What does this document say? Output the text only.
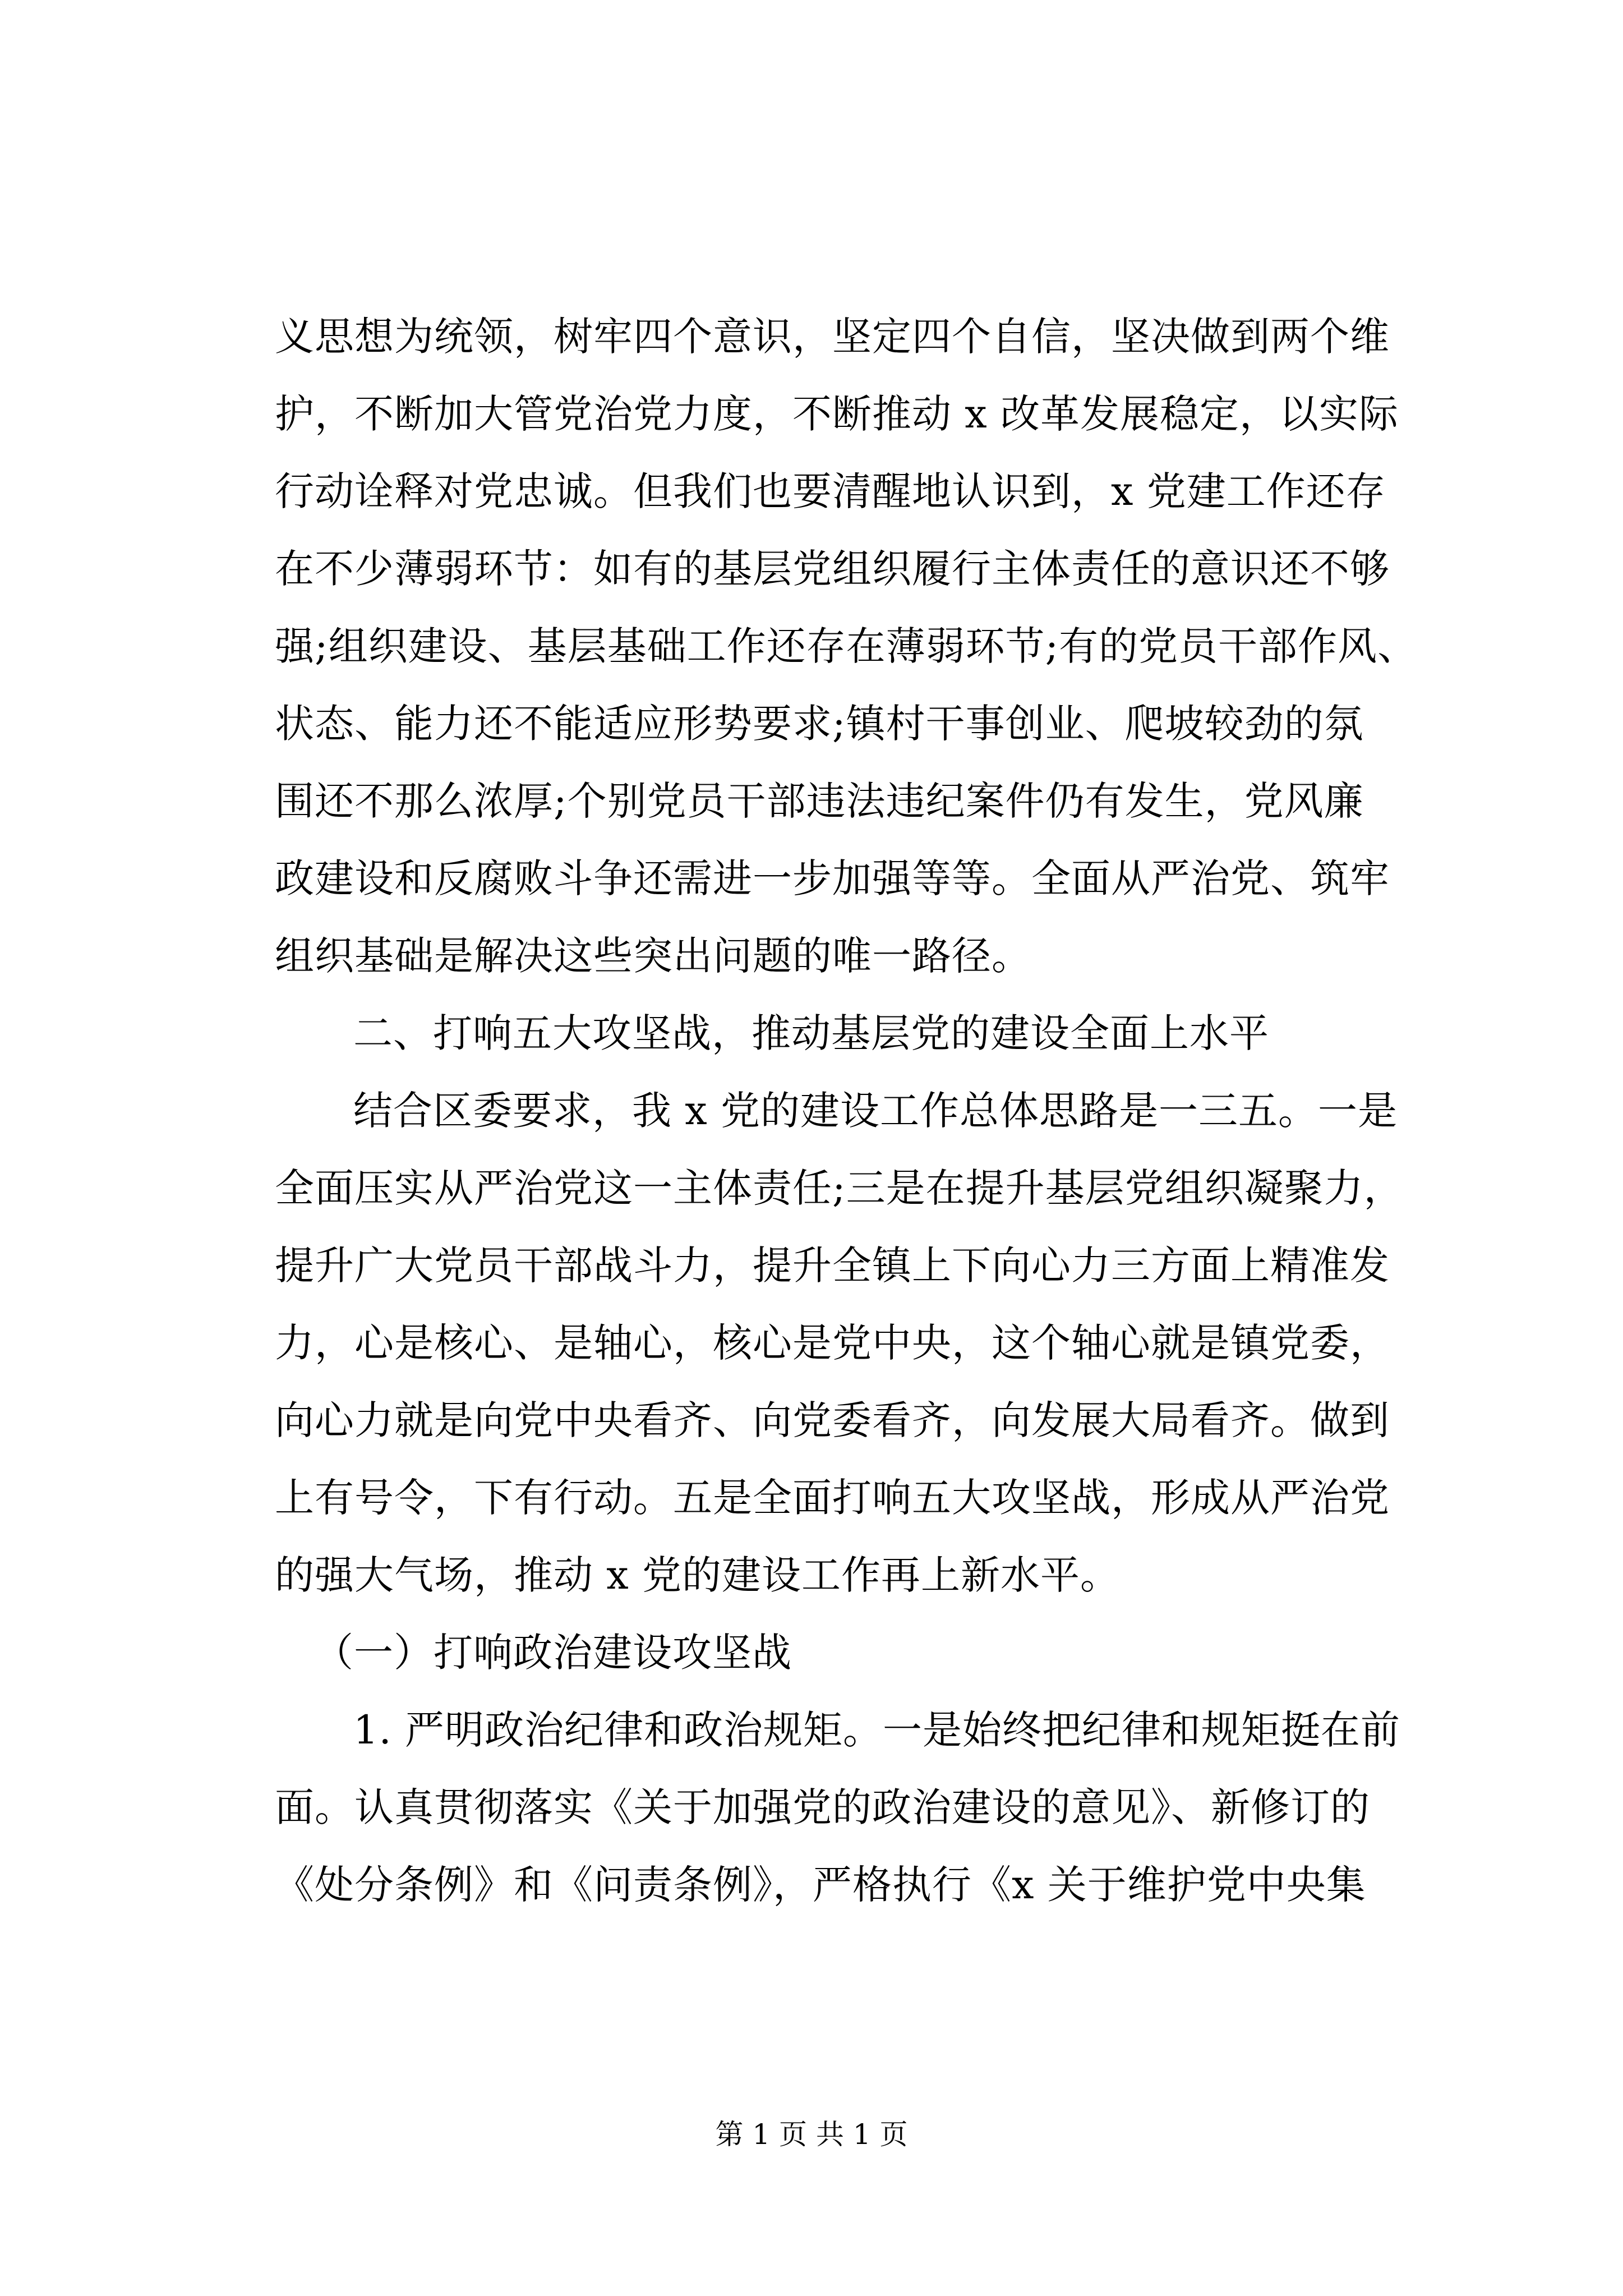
义思想为统领，树牢四个意识，坚定四个自信，坚决做到两个维
护，不断加大管党治党力度，不断推动 x 改革发展稳定，以实际
行动诠释对党忠诚。但我们也要清醒地认识到，x 党建工作还存
在不少薄弱环节：如有的基层党组织履行主体责任的意识还不够
强;组织建设、基层基础工作还存在薄弱环节;有的党员干部作风、
状态、能力还不能适应形势要求;镇村干事创业、爬坡较劲的氛
围还不那么浓厚;个别党员干部违法违纪案件仍有发生，党风廉
政建设和反腐败斗争还需进一步加强等等。全面从严治党、筑牢
组织基础是解决这些突出问题的唯一路径。
二、打响五大攻坚战，推动基层党的建设全面上水平
结合区委要求，我 x 党的建设工作总体思路是一三五。一是
全面压实从严治党这一主体责任;三是在提升基层党组织凝聚力，
提升广大党员干部战斗力，提升全镇上下向心力三方面上精准发
力，心是核心、是轴心，核心是党中央，这个轴心就是镇党委，
向心力就是向党中央看齐、向党委看齐，向发展大局看齐。做到
上有号令，下有行动。五是全面打响五大攻坚战，形成从严治党
的强大气场，推动 x 党的建设工作再上新水平。
（一）打响政治建设攻坚战
1. 严明政治纪律和政治规矩。一是始终把纪律和规矩挺在前
面。认真贯彻落实《关于加强党的政治建设的意见》、新修订的
《处分条例》和《问责条例》，严格执行《x 关于维护党中央集
第 1 页 共 1 页
